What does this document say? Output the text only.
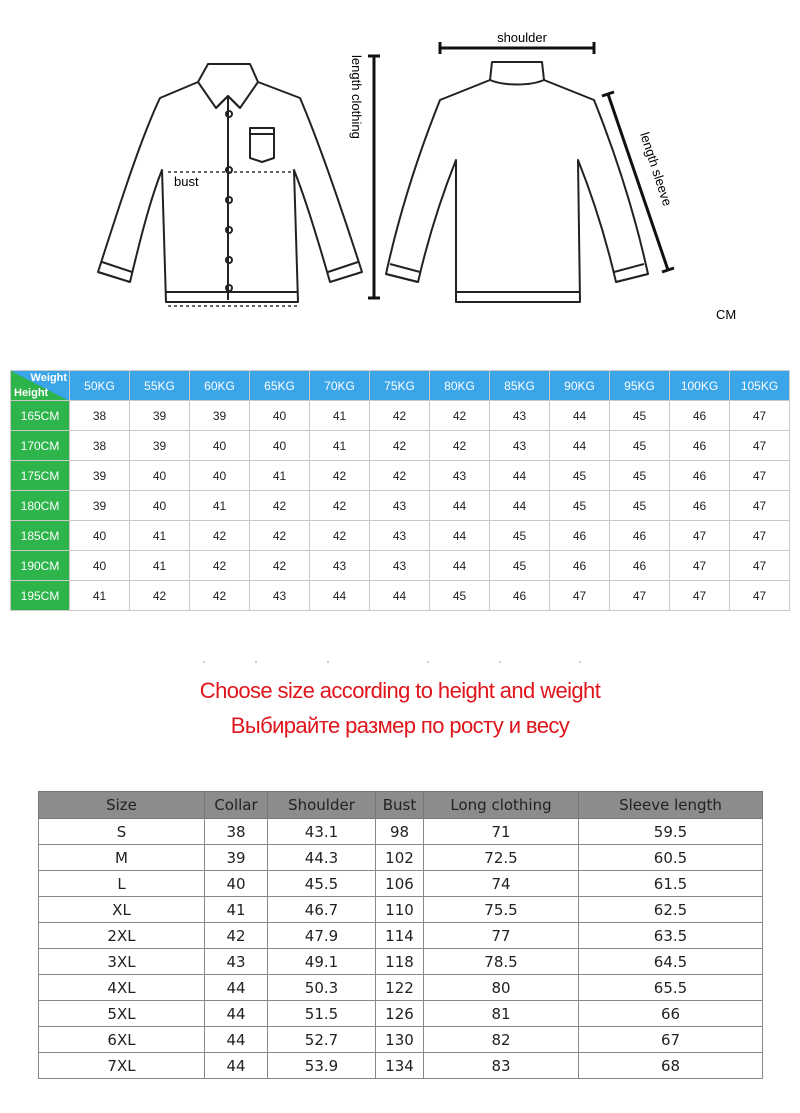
shoulder
length clothing
length sleeve
bust
CM
Weight
Height	50KG	55KG	60KG	65KG	70KG	75KG	80KG	85KG	90KG	95KG	100KG	105KG
165CM	38	39	39	40	41	42	42	43	44	45	46	47
170CM	38	39	40	40	41	42	42	43	44	45	46	47
175CM	39	40	40	41	42	42	43	44	45	45	46	47
180CM	39	40	41	42	42	43	44	44	45	45	46	47
185CM	40	41	42	42	42	43	44	45	46	46	47	47
190CM	40	41	42	42	43	43	44	45	46	46	47	47
195CM	41	42	42	43	44	44	45	46	47	47	47	47
Choose size according to height and weight
Выбирайте размер по росту и весу
Size	Collar	Shoulder	Bust	Long clothing	Sleeve length
S	38	43.1	98	71	59.5
M	39	44.3	102	72.5	60.5
L	40	45.5	106	74	61.5
XL	41	46.7	110	75.5	62.5
2XL	42	47.9	114	77	63.5
3XL	43	49.1	118	78.5	64.5
4XL	44	50.3	122	80	65.5
5XL	44	51.5	126	81	66
6XL	44	52.7	130	82	67
7XL	44	53.9	134	83	68
